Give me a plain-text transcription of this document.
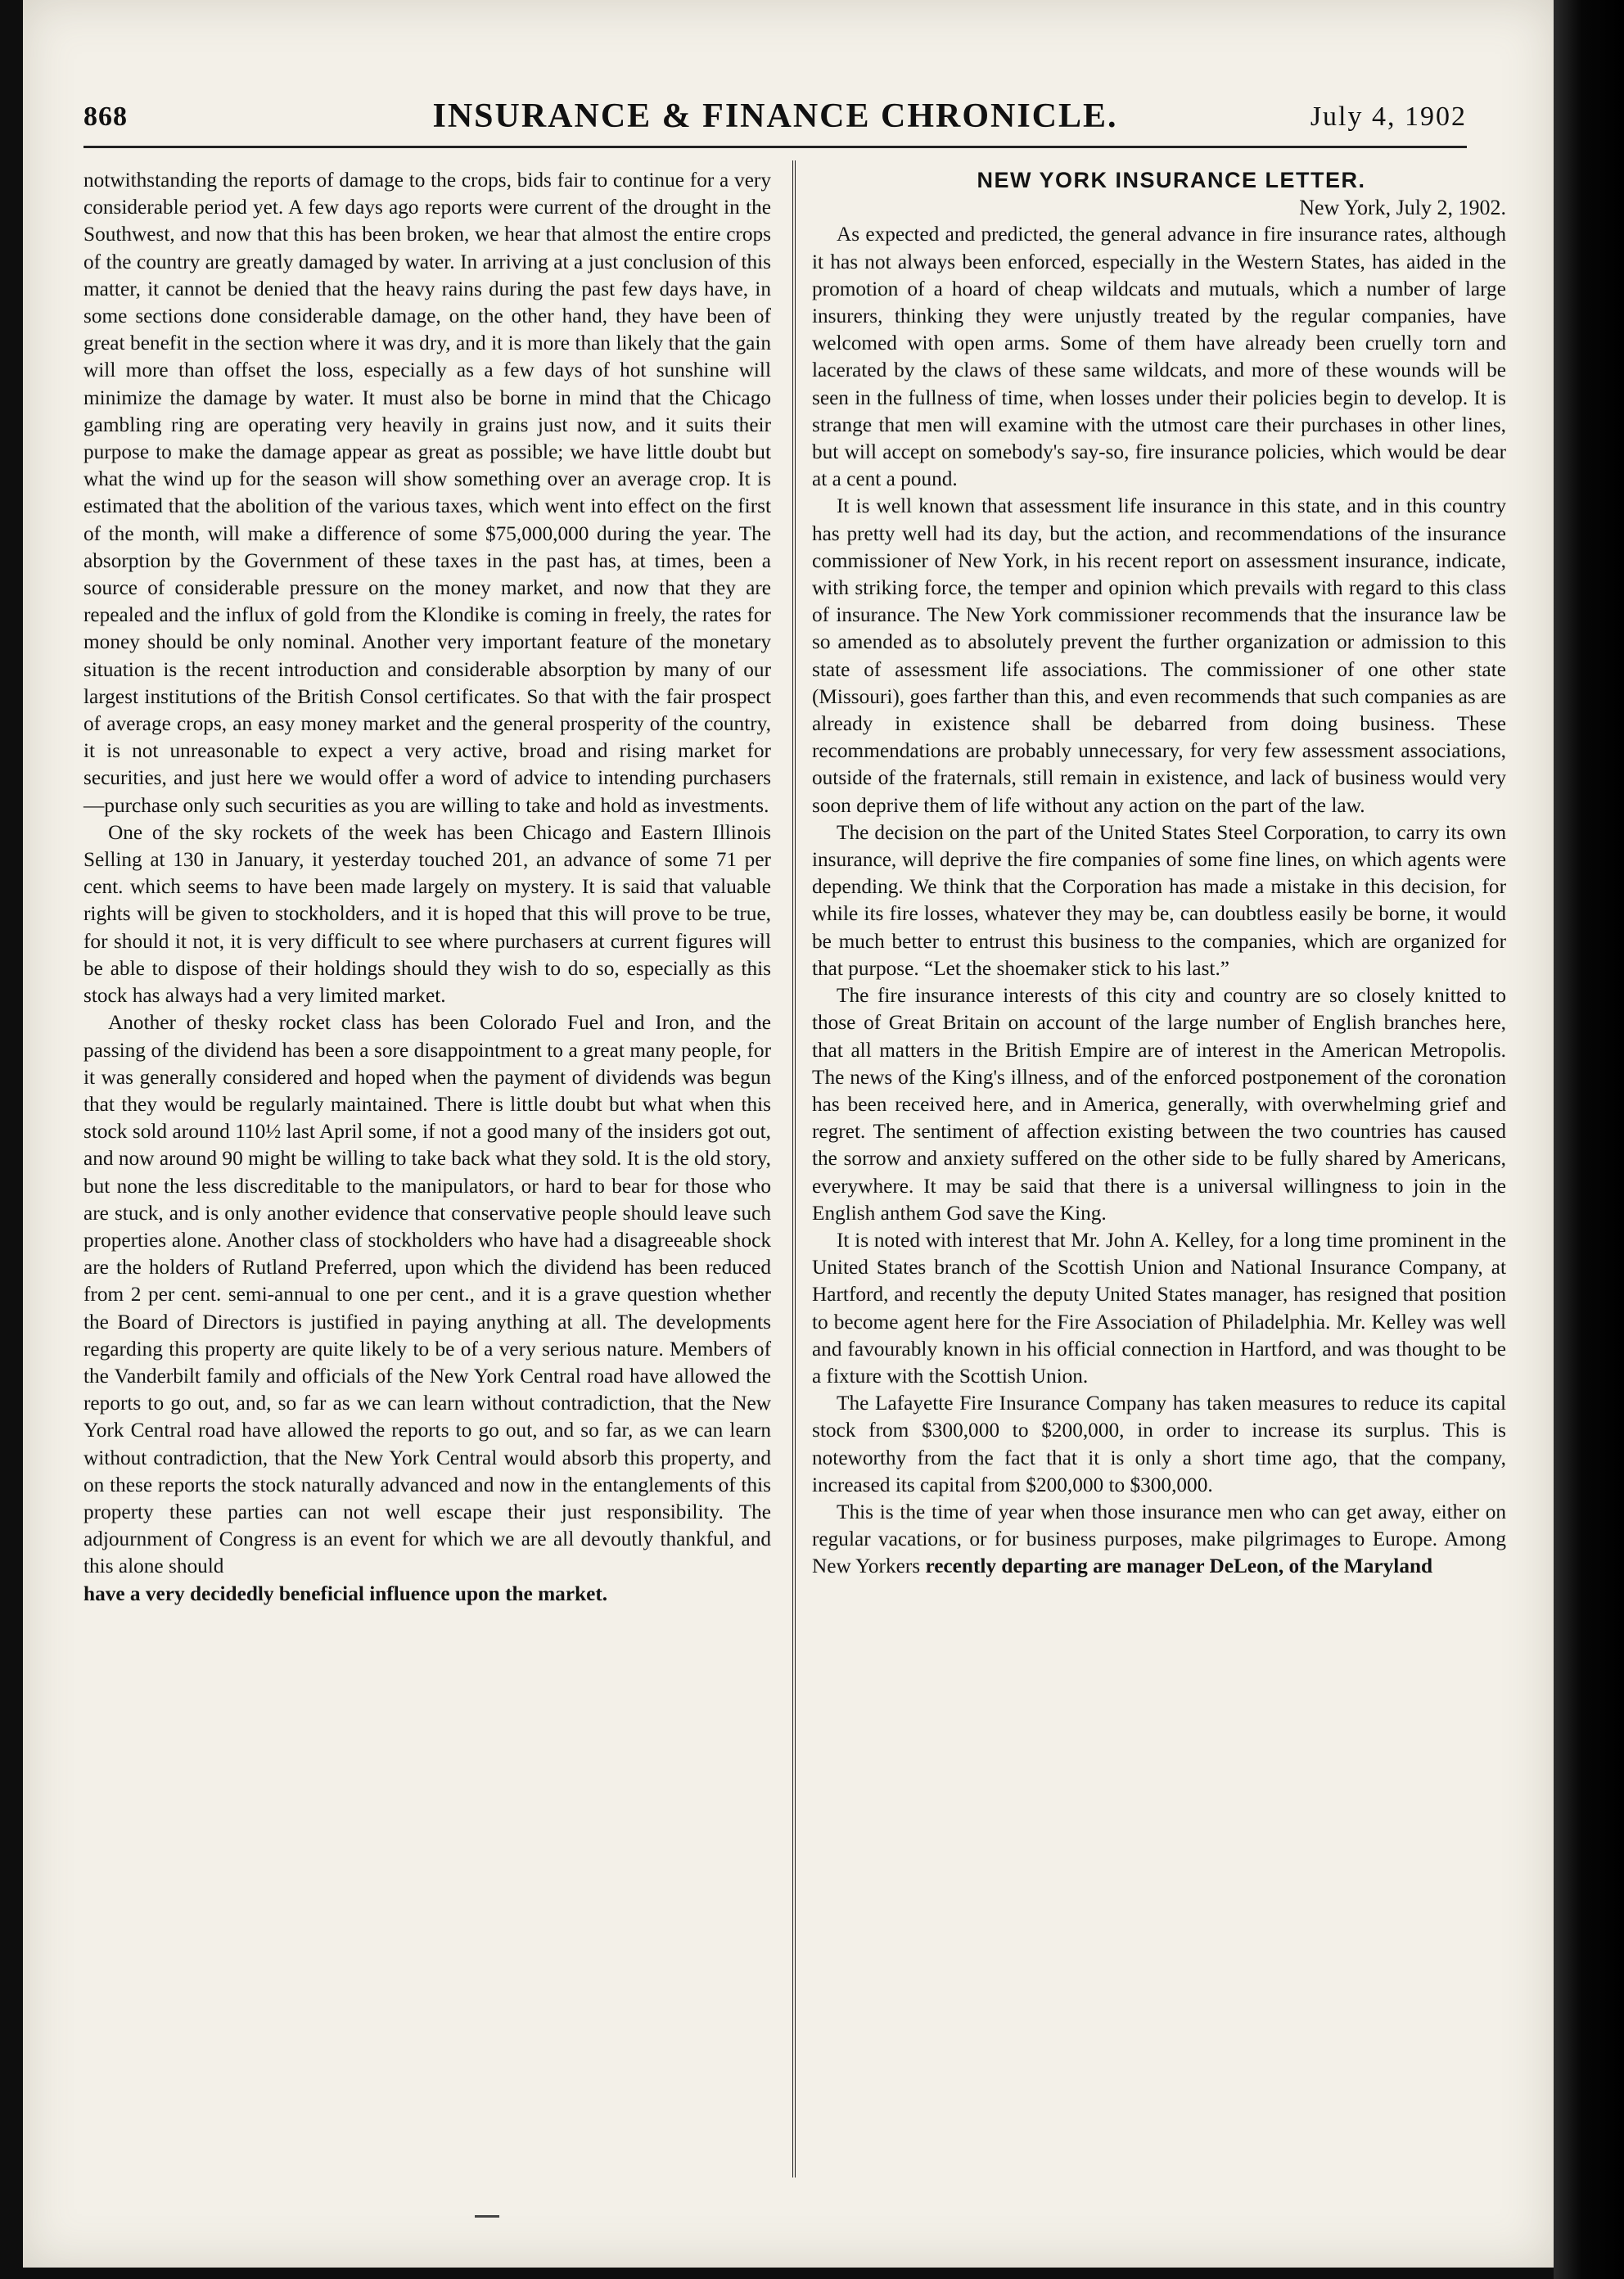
868	INSURANCE & FINANCE CHRONICLE.	July 4, 1902

notwithstanding the reports of damage to the crops, bids fair to continue for a very considerable period yet. A few days ago reports were current of the drought in the Southwest, and now that this has been broken, we hear that almost the entire crops of the country are greatly damaged by water. In arriving at a just conclusion of this matter, it cannot be denied that the heavy rains during the past few days have, in some sections done considerable damage, on the other hand, they have been of great benefit in the section where it was dry, and it is more than likely that the gain will more than offset the loss, especially as a few days of hot sunshine will minimize the damage by water. It must also be borne in mind that the Chicago gambling ring are operating very heavily in grains just now, and it suits their purpose to make the damage appear as great as possible; we have little doubt but what the wind up for the season will show something over an average crop. It is estimated that the abolition of the various taxes, which went into effect on the first of the month, will make a difference of some $75,000,000 during the year. The absorption by the Government of these taxes in the past has, at times, been a source of considerable pressure on the money market, and now that they are repealed and the influx of gold from the Klondike is coming in freely, the rates for money should be only nominal. Another very important feature of the monetary situation is the recent introduction and considerable absorption by many of our largest institutions of the British Consol certificates. So that with the fair prospect of average crops, an easy money market and the general prosperity of the country, it is not unreasonable to expect a very active, broad and rising market for securities, and just here we would offer a word of advice to intending purchasers—purchase only such securities as you are willing to take and hold as investments.

One of the sky rockets of the week has been Chicago and Eastern Illinois Selling at 130 in January, it yesterday touched 201, an advance of some 71 per cent. which seems to have been made largely on mystery. It is said that valuable rights will be given to stockholders, and it is hoped that this will prove to be true, for should it not, it is very difficult to see where purchasers at current figures will be able to dispose of their holdings should they wish to do so, especially as this stock has always had a very limited market.

Another of thesky rocket class has been Colorado Fuel and Iron, and the passing of the dividend has been a sore disappointment to a great many people, for it was generally considered and hoped when the payment of dividends was begun that they would be regularly maintained. There is little doubt but what when this stock sold around 110½ last April some, if not a good many of the insiders got out, and now around 90 might be willing to take back what they sold. It is the old story, but none the less discreditable to the manipulators, or hard to bear for those who are stuck, and is only another evidence that conservative people should leave such properties alone. Another class of stockholders who have had a disagreeable shock are the holders of Rutland Preferred, upon which the dividend has been reduced from 2 per cent. semi-annual to one per cent., and it is a grave question whether the Board of Directors is justified in paying anything at all. The developments regarding this property are quite likely to be of a very serious nature. Members of the Vanderbilt family and officials of the New York Central road have allowed the reports to go out, and, so far as we can learn without contradiction, that the New York Central road have allowed the reports to go out, and so far, as we can learn without contradiction, that the New York Central would absorb this property, and on these reports the stock naturally advanced and now in the entanglements of this property these parties can not well escape their just responsibility. The adjournment of Congress is an event for which we are all devoutly thankful, and this alone should

have a very decidedly beneficial influence upon the market.

NEW YORK INSURANCE LETTER.

New York, July 2, 1902.

As expected and predicted, the general advance in fire insurance rates, although it has not always been enforced, especially in the Western States, has aided in the promotion of a hoard of cheap wildcats and mutuals, which a number of large insurers, thinking they were unjustly treated by the regular companies, have welcomed with open arms. Some of them have already been cruelly torn and lacerated by the claws of these same wildcats, and more of these wounds will be seen in the fullness of time, when losses under their policies begin to develop. It is strange that men will examine with the utmost care their purchases in other lines, but will accept on somebody's say-so, fire insurance policies, which would be dear at a cent a pound.

It is well known that assessment life insurance in this state, and in this country has pretty well had its day, but the action, and recommendations of the insurance commissioner of New York, in his recent report on assessment insurance, indicate, with striking force, the temper and opinion which prevails with regard to this class of insurance. The New York commissioner recommends that the insurance law be so amended as to absolutely prevent the further organization or admission to this state of assessment life associations. The commissioner of one other state (Missouri), goes farther than this, and even recommends that such companies as are already in existence shall be debarred from doing business. These recommendations are probably unnecessary, for very few assessment associations, outside of the fraternals, still remain in existence, and lack of business would very soon deprive them of life without any action on the part of the law.

The decision on the part of the United States Steel Corporation, to carry its own insurance, will deprive the fire companies of some fine lines, on which agents were depending. We think that the Corporation has made a mistake in this decision, for while its fire losses, whatever they may be, can doubtless easily be borne, it would be much better to entrust this business to the companies, which are organized for that purpose. “Let the shoemaker stick to his last.”

The fire insurance interests of this city and country are so closely knitted to those of Great Britain on account of the large number of English branches here, that all matters in the British Empire are of interest in the American Metropolis. The news of the King's illness, and of the enforced postponement of the coronation has been received here, and in America, generally, with overwhelming grief and regret. The sentiment of affection existing between the two countries has caused the sorrow and anxiety suffered on the other side to be fully shared by Americans, everywhere. It may be said that there is a universal willingness to join in the English anthem God save the King.

It is noted with interest that Mr. John A. Kelley, for a long time prominent in the United States branch of the Scottish Union and National Insurance Company, at Hartford, and recently the deputy United States manager, has resigned that position to become agent here for the Fire Association of Philadelphia. Mr. Kelley was well and favourably known in his official connection in Hartford, and was thought to be a fixture with the Scottish Union.

The Lafayette Fire Insurance Company has taken measures to reduce its capital stock from $300,000 to $200,000, in order to increase its surplus. This is noteworthy from the fact that it is only a short time ago, that the company, increased its capital from $200,000 to $300,000.

This is the time of year when those insurance men who can get away, either on regular vacations, or for business purposes, make pilgrimages to Europe. Among New Yorkers recently departing are manager DeLeon, of the Maryland
